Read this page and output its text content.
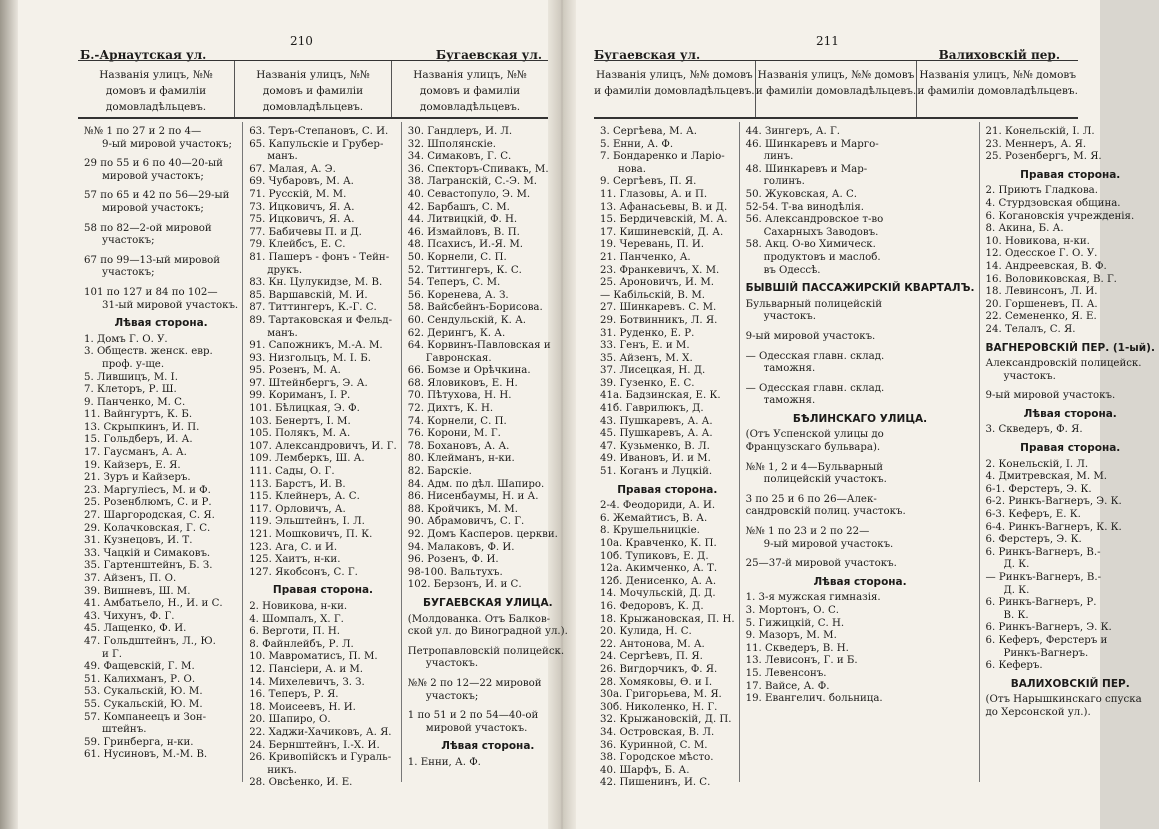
210
Б.-Арнаутская ул.	Бугаевская ул.
Названія улицъ, №№ домовъ и фамиліи домовладѣльцевъ.
Названія улицъ, №№ домовъ и фамиліи домовладѣльцевъ.
Названія улицъ, №№ домовъ и фамиліи домовладѣльцевъ.
№№ 1 по 27 и 2 по 4—
9-ый мировой участокъ;
29 по 55 и 6 по 40—20-ый
мировой участокъ;
57 по 65 и 42 по 56—29-ый
мировой участокъ;
58 по 82—2-ой мировой
участокъ;
67 по 99—13-ый мировой
участокъ;
101 по 127 и 84 по 102—
31-ый мировой участокъ.
Лѣвая сторона.
1. Домъ Г. О. У.
3. Обществ. женск. евр.
проф. у-ще.
5. Лившицъ, М. І.
7. Клеторъ, Р. Ш.
9. Панченко, М. С.
11. Вайнгуртъ, К. Б.
13. Скрыпкинъ, И. П.
15. Гольдберъ, И. А.
17. Гаусманъ, А. А.
19. Кайзеръ, Е. Я.
21. Зуръ и Кайзеръ.
23. Маргуліесъ, М. и Ф.
25. Розенблюмъ, С. и Р.
27. Шаргородская, С. Я.
29. Колачковская, Г. С.
31. Кузнецовъ, И. Т.
33. Чацкій и Симаковъ.
35. Гартенштейнъ, Б. З.
37. Айзенъ, П. О.
39. Вишневъ, Ш. М.
41. Амбатьело, Н., И. и С.
43. Чихунъ, Ф. Г.
45. Лащенко, Ф. И.
47. Гольдштейнъ, Л., Ю.
и Г.
49. Фащевскій, Г. М.
51. Калихманъ, Р. О.
53. Сукальскій, Ю. М.
55. Сукальскій, Ю. М.
57. Компанеецъ и Зон-
штейнъ.
59. Гринберга, н-ки.
61. Нусиновъ, М.-М. В.
63. Теръ-Степановъ, С. И.
65. Капульскіе и Грубер-
манъ.
67. Малая, А. Э.
69. Чубаровъ, М. А.
71. Русскій, М. М.
73. Ицковичъ, Я. А.
75. Ицковичъ, Я. А.
77. Бабичевы П. и Д.
79. Клейбсъ, Е. С.
81. Пашеръ - фонъ - Тейн-
друкъ.
83. Кн. Цулукидзе, М. В.
85. Варшавскій, М. И.
87. Титтингеръ, К.-Г. С.
89. Тартаковская и Фельд-
манъ.
91. Сапожникъ, М.-А. М.
93. Низгольцъ, М. І. Б.
95. Розенъ, М. А.
97. Штейнбергъ, Э. А.
99. Кориманъ, І. Р.
101. Бѣлицкая, Э. Ф.
103. Бенертъ, І. М.
105. Полякъ, М. А.
107. Александровичъ, И. Г.
109. Лемберкъ, Ш. А.
111. Сады, О. Г.
113. Барстъ, И. В.
115. Клейнеръ, А. С.
117. Орловичъ, А.
119. Эльштейнъ, І. Л.
121. Мошковичъ, П. К.
123. Ага, С. и И.
125. Хаитъ, н-ки.
127. Якобсонъ, С. Г.
Правая сторона.
2. Новикова, н-ки.
4. Шомпалъ, Х. Г.
6. Верготи, П. Н.
8. Файнлейбъ, Р. Л.
10. Мавроматисъ, П. М.
12. Пансіери, А. и М.
14. Михелевичъ, З. З.
16. Тепеpъ, Р. Я.
18. Моисеевъ, Н. И.
20. Шапиро, О.
22. Хаджи-Хачиковъ, А. Я.
24. Бернштейнъ, І.-Х. И.
26. Кривопійскъ и Гураль-
никъ.
28. Овсѣенко, И. Е.
30. Гандлеръ, И. Л.
32. Шполянскіе.
34. Симаковъ, Г. С.
36. Спекторъ-Спивакъ, М.
38. Лаrранскій, С.-Э. М.
40. Севастопуло, Э. М.
42. Барбашъ, С. М.
44. Литвицкій, Ф. Н.
46. Измайловъ, В. П.
48. Псахисъ, И.-Я. М.
50. Корнели, С. П.
52. Титтингеръ, К. С.
54. Теперъ, С. М.
56. Кореневa, А. З.
58. Вайсбейнъ-Борисова.
60. Сендульскій, К. А.
62. Дерингъ, К. А.
64. Корвинъ-Павловская и
Гавронская.
66. Бомзе и Орѣчкина.
68. Яловиковъ, Е. Н.
70. Пѣтуховa, Н. Н.
72. Дихтъ, К. Н.
74. Корнели, С. П.
76. Корони, М. Г.
78. Бохановъ, А. А.
80. Клейманъ, н-ки.
82. Барскіе.
84. Адм. по дѣл. Шапиро.
86. Нисенбаумы, Н. и А.
88. Кройчикъ, М. М.
90. Абрамовичъ, С. Г.
92. Домъ Касперов. церкви.
94. Малаковъ, Ф. И.
96. Розенъ, Ф. И.
98-100. Вальтухъ.
102. Берзонъ, И. и С.
БУГАЕВСКАЯ УЛИЦА.
(Молдованка. Отъ Балков-
ской ул. до Виноградной ул.).
Петропавловскій полицейск.
участокъ.
№№ 2 по 12—22 мировой
участокъ;
1 по 51 и 2 по 54—40-ой
мировой участокъ.
Лѣвая сторона.
1. Енни, А. Ф.
211
Бугаевская ул.	Валиховскій пер.
Названія улицъ, №№ домовъ и фамиліи домовладѣльцевъ.
Названія улицъ, №№ домовъ и фамиліи домовладѣльцевъ.
Названія улицъ, №№ домовъ и фамиліи домовладѣльцевъ.
3. Сергѣева, М. А.
5. Енни, А. Ф.
7. Бондаренко и Ларіо-
нова.
9. Сергѣевъ, П. Я.
11. Глазовы, А. и П.
13. Афанасьевы, В. и Д.
15. Бердичевскій, М. А.
17. Кишиневскій, Д. А.
19. Черевань, П. И.
21. Панченко, А.
23. Франкевичъ, Х. М.
25. Ароновичъ, И. М.
— Кабільскій, В. М.
27. Шинкаревъ. С. М.
29. Ботвинникъ, Л. Я.
31. Руденко, Е. Р.
33. Генъ, Е. и М.
35. Айзенъ, М. Х.
37. Лисецкая, Н. Д.
39. Гузенко, Е. С.
41а. Бадзинская, Е. К.
41б. Гаврилюкъ, Д.
43. Пушкаревъ, А. А.
45. Пушкаревъ, А. А.
47. Кузьменко, В. Л.
49. Ивановъ, И. и М.
51. Коганъ и Луцкій.
Правая сторона.
2-4. Феодориди, А. И.
6. Жемайтисъ, В. А.
8. Крушельницкіе.
10а. Кравченко, К. П.
10б. Тупиковъ, Е. Д.
12а. Акимченко, А. Т.
12б. Денисенко, А. А.
14. Мочульскій, Д. Д.
16. Федоровъ, К. Д.
18. Крыжановская, П. Н.
20. Кулида, Н. С.
22. Антонова, М. А.
24. Сергѣевъ, П. Я.
26. Вигдорчикъ, Ф. Я.
28. Хомяковы, Ѳ. и І.
30а. Григорьева, М. Я.
30б. Николенко, Н. Г.
32. Крыжановскій, Д. П.
34. Островская, В. Л.
36. Куринной, С. М.
38. Городское мѣсто.
40. Шарфъ, Б. А.
42. Пишенинъ, И. С.
44. Зингеръ, А. Г.
46. Шинкаревъ и Марго-
линъ.
48. Шинкаревъ и Мар-
голинъ.
50. Жуковская, А. С.
52-54. Т-ва винодѣлія.
56. Александровское т-во
Сахарныхъ Заводовъ.
58. Акц. О-во Химическ.
продуктовъ и маслоб.
въ Одессѣ.
БЫВШІЙ ПАССАЖИРСКІЙ КВАРТАЛЪ.
Бульварный полицейскій
участокъ.
9-ый мировой участокъ.
— Одесская главн. склад.
таможня.
— Одесская главн. склад.
таможня.
БѢЛИНСКАГО УЛИЦА.
(Отъ Успенской улицы до
Французскаго бульвара).
№№ 1, 2 и 4—Бульварный
полицейскій участокъ.
3 по 25 и 6 по 26—Алек-
сандровскій полиц. участокъ.
№№ 1 по 23 и 2 по 22—
9-ый мировой участокъ.
25—37-й мировой участокъ.
Лѣвая сторона.
1. 3-я мужская гимназія.
3. Мортонъ, О. С.
5. Гижицкій, С. Н.
9. Мазоръ, М. М.
11. Скведеръ, В. Н.
13. Левисонъ, Г. и Б.
15. Левенсонъ.
17. Вайсе, А. Ф.
19. Евангелич. больница.
21. Конельскій, І. Л.
23. Меннеръ, А. Я.
25. Розенбергъ, М. Я.
Правая сторона.
2. Приютъ Гладкова.
4. Стурдзовская община.
6. Когановскія учрежденія.
8. Акина, Б. А.
10. Новикова, н-ки.
12. Одесское Г. О. У.
14. Андреевская, В. Ф.
16. Воловиковская, В. Г.
18. Левинсонъ, Л. И.
20. Горшеневъ, П. А.
22. Семененко, Я. Е.
24. Телалъ, С. Я.
ВАГНЕРОВСКІЙ ПЕР. (1-ый).
Александровскій полицейск.
участокъ.
9-ый мировой участокъ.
Лѣвая сторона.
3. Скведеръ, Ф. Я.
Правая сторона.
2. Конельскій, І. Л.
4. Дмитревская, М. М.
6-1. Ферстеръ, Э. К.
6-2. Ринкъ-Вагнеръ, Э. К.
6-3. Кеферъ, Е. К.
6-4. Ринкъ-Вагнеръ, К. К.
6. Ферстеръ, Э. К.
6. Ринкъ-Вагнеръ, В.-
Д. К.
— Ринкъ-Вагнеръ, В.-
Д. К.
6. Ринкъ-Вагнеръ, Р.
В. К.
6. Ринкъ-Вагнеръ, Э. К.
6. Кеферъ, Ферстеръ и
Ринкъ-Вагнеръ.
6. Кеферъ.
ВАЛИХОВСКІЙ ПЕР.
(Отъ Нарышкинскаго спуска
до Херсонской ул.).
